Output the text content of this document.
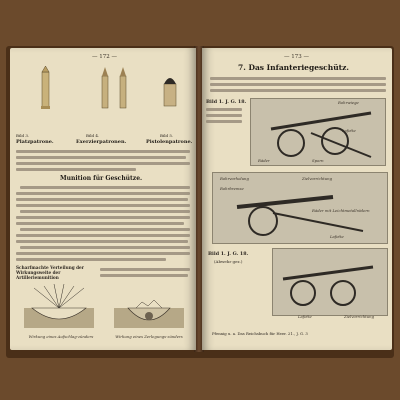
— 172 —
Bild 3.
Platzpatrone.
Bild 4.
Exerzierpatronen.
Bild 5.
Pistolenpatrone.
Munition für Geschütze.
Scharfmachte Verteilung der Wirkungsweite der Artilleriemunition
Wirkung eines Aufschlag-zünders	Wirkung eines Zerlegungs-zünders
— 173 —
7. Das Infanteriegeschütz.
Bild 1. J. G. 18.	Rohrwiege
Lafette
Räder	Sporn
Rohrvorholung	Zielvorrichtung
Rohrbremse
Räder mit Leichtmetallrädern
Lafette
Bild 1. J. G. 18.
(Abwehr gez.)
Zielvorrichtung
Lafette
Pfennig u. a. Das Reichsbuch für Heer. 21., J. G. 3
